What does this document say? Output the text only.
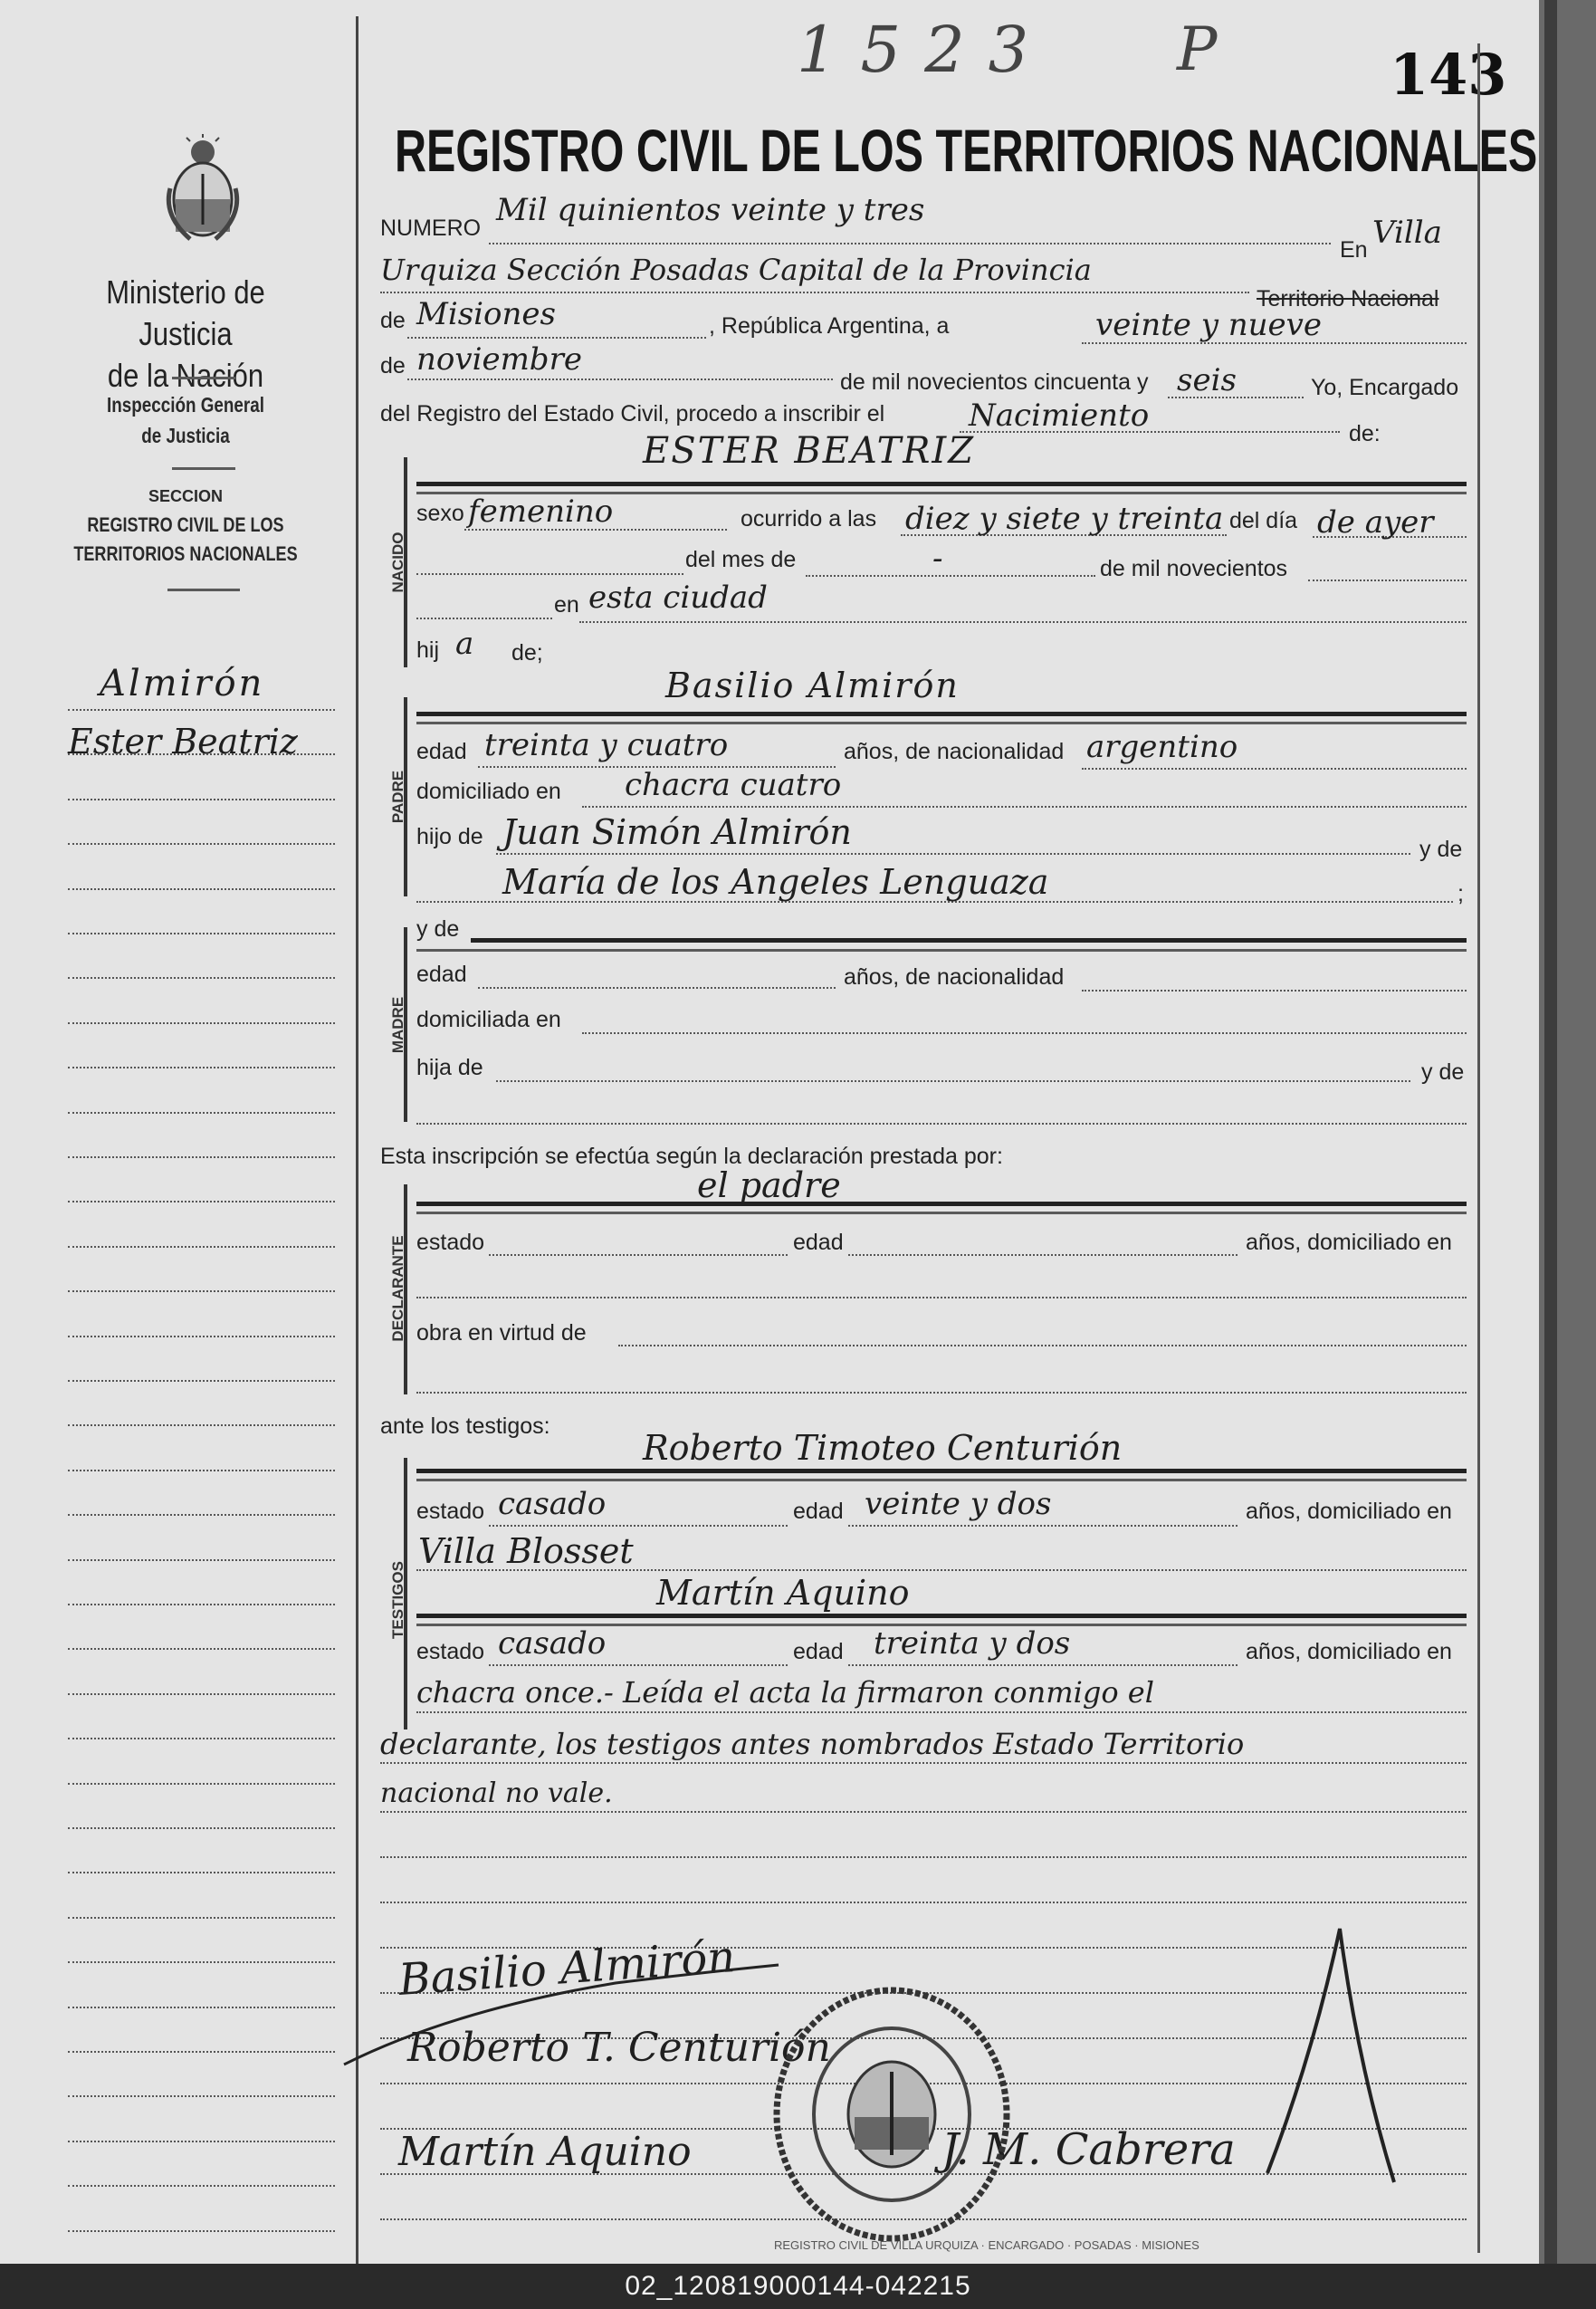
Ministerio de Justicia
de la Nación
Inspección General
de Justicia
SECCION
REGISTRO CIVIL DE LOS
TERRITORIOS NACIONALES
Almirón
Ester Beatriz
1523 P	143
REGISTRO CIVIL DE LOS TERRITORIOS NACIONALES
NUMERO Mil quinientos veinte y tres
En Villa
Urquiza Sección Posadas Capital de la Provincia
Territorio Nacional
de Misiones	, República Argentina, a	veinte y nueve
de noviembre
de mil novecientos cincuenta y seis	Yo, Encargado
del Registro del Estado Civil, procedo a inscribir el	Nacimiento	de:
NACIDO
ESTER BEATRIZ
sexo femenino	ocurrido a las diez y siete y treinta del día de ayer
del mes de	-	de mil novecientos
en esta ciudad
hij a de;
PADRE
Basilio Almirón
edad treinta y cuatro	años, de nacionalidad argentino
domiciliado en chacra cuatro
hijo de Juan Simón Almirón	y de
María de los Angeles Lenguaza	;
MADRE
y de
edad	años, de nacionalidad
domiciliada en
hija de	y de
Esta inscripción se efectúa según la declaración prestada por:
el padre
DECLARANTE estado	edad	años, domiciliado en
obra en virtud de
ante los testigos:
Roberto Timoteo Centurión
TESTIGOS
estado casado	edad veinte y dos	años, domiciliado en
Villa Blosset
Martín Aquino
estado casado	edad treinta y dos	años, domiciliado en
chacra once.- Leída el acta la firmaron conmigo el
declarante, los testigos antes nombrados Estado Territorio
nacional no vale.
Basilio Almirón
Roberto T. Centurión
Martín Aquino	J. M. Cabrera
REGISTRO CIVIL DE VILLA URQUIZA · ENCARGADO · POSADAS · MISIONES
02_120819000144-042215
